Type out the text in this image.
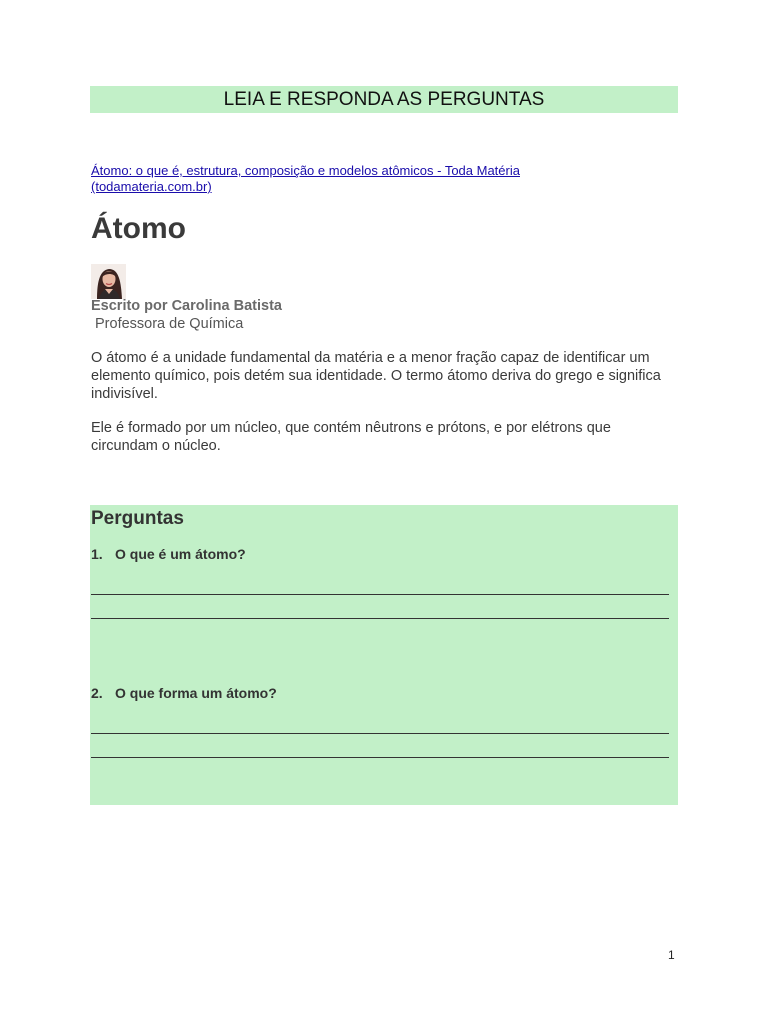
LEIA E RESPONDA AS PERGUNTAS
Átomo: o que é, estrutura, composição e modelos atômicos - Toda Matéria (todamateria.com.br)
Átomo
Escrito por Carolina Batista
Professora de Química

O átomo é a unidade fundamental da matéria e a menor fração capaz de identificar um elemento químico, pois detém sua identidade. O termo átomo deriva do grego e significa indivisível.

Ele é formado por um núcleo, que contém nêutrons e prótons, e por elétrons que circundam o núcleo.

Perguntas
1. O que é um átomo?
2. O que forma um átomo?
1
